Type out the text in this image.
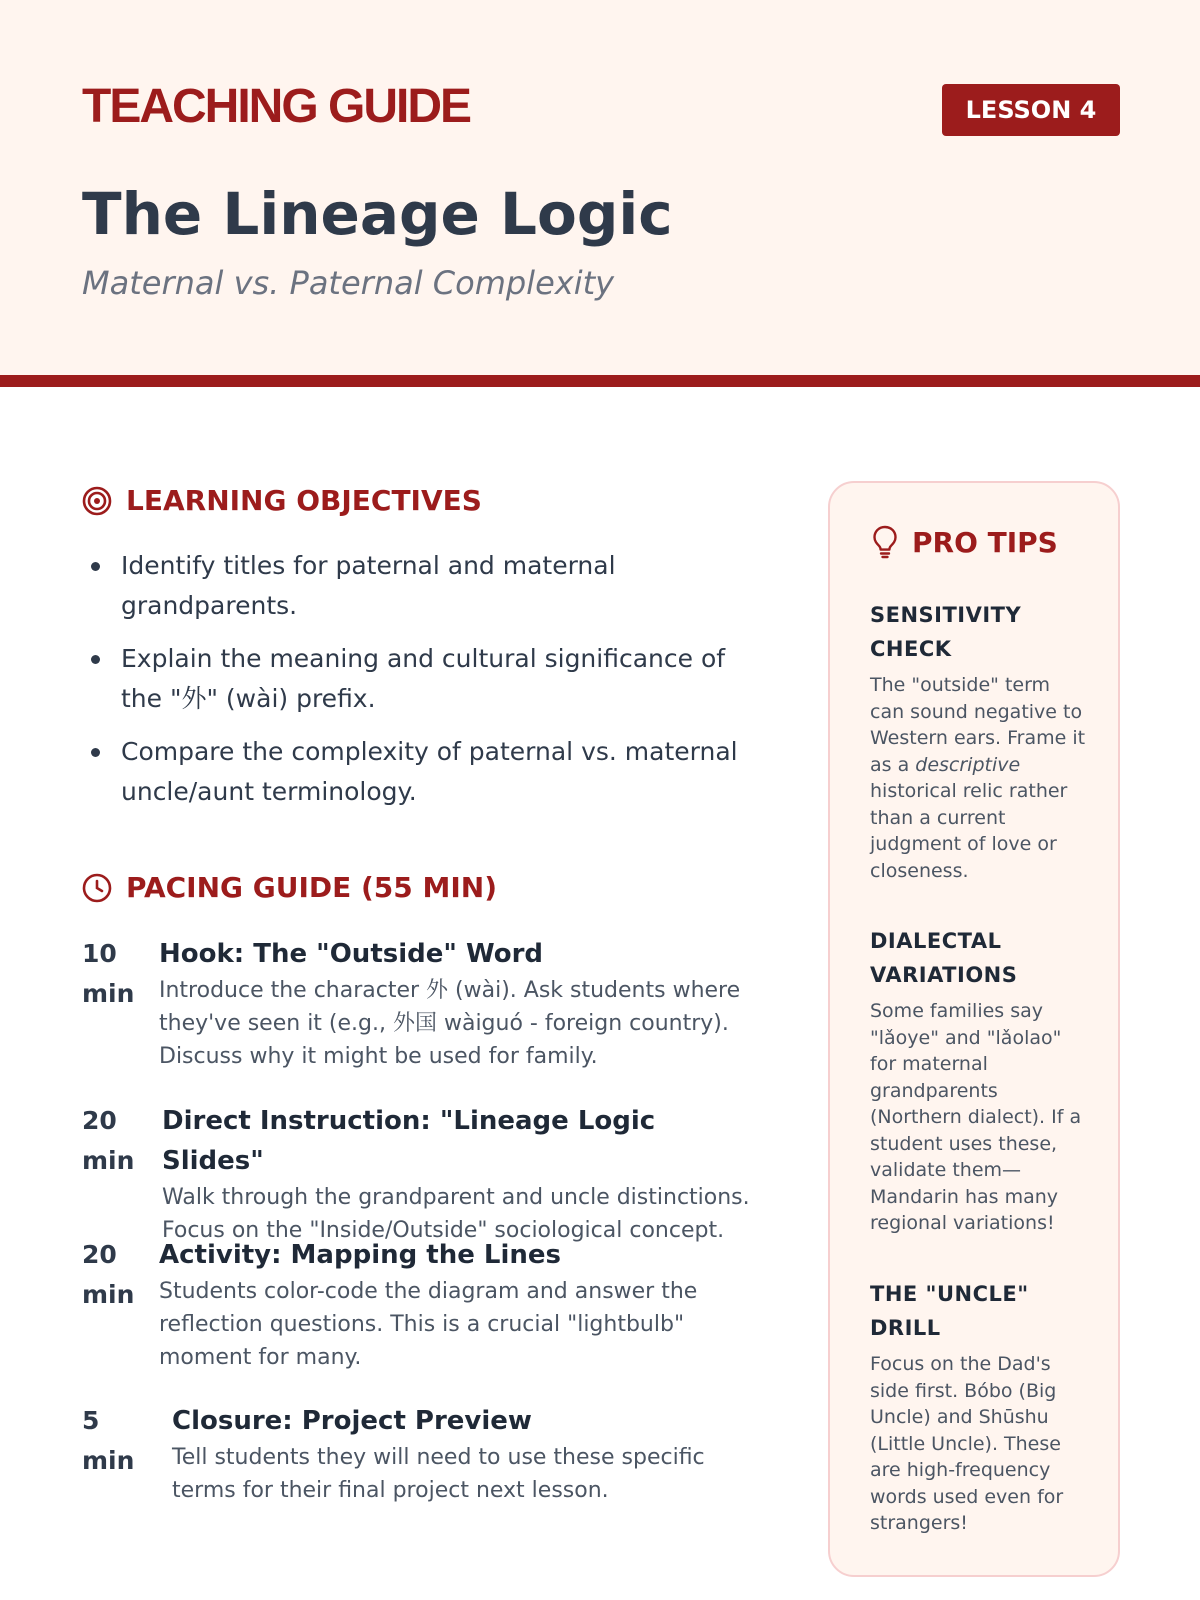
TEACHING GUIDE	LESSON 4
The Lineage Logic
Maternal vs. Paternal Complexity
LEARNING OBJECTIVES
Identify titles for paternal and maternal grandparents.
Explain the meaning and cultural significance of the "外" (wài) prefix.
Compare the complexity of paternal vs. maternal uncle/aunt terminology.
PACING GUIDE (55 MIN)
10 min
Hook: The "Outside" Word
Introduce the character 外 (wài). Ask students where they've seen it (e.g., 外国 wàiguó - foreign country). Discuss why it might be used for family.
20 min
Direct Instruction: "Lineage Logic Slides"
Walk through the grandparent and uncle distinctions. Focus on the "Inside/Outside" sociological concept.
20 min
Activity: Mapping the Lines
Students color-code the diagram and answer the reflection questions. This is a crucial "lightbulb" moment for many.
5 min
Closure: Project Preview
Tell students they will need to use these specific terms for their final project next lesson.
PRO TIPS
SENSITIVITY CHECK
The "outside" term can sound negative to Western ears. Frame it as a descriptive historical relic rather than a current judgment of love or closeness.
DIALECTAL VARIATIONS
Some families say "lǎoye" and "lǎolao" for maternal grandparents (Northern dialect). If a student uses these, validate them—Mandarin has many regional variations!
THE "UNCLE" DRILL
Focus on the Dad's side first. Bóbo (Big Uncle) and Shūshu (Little Uncle). These are high-frequency words used even for strangers!
